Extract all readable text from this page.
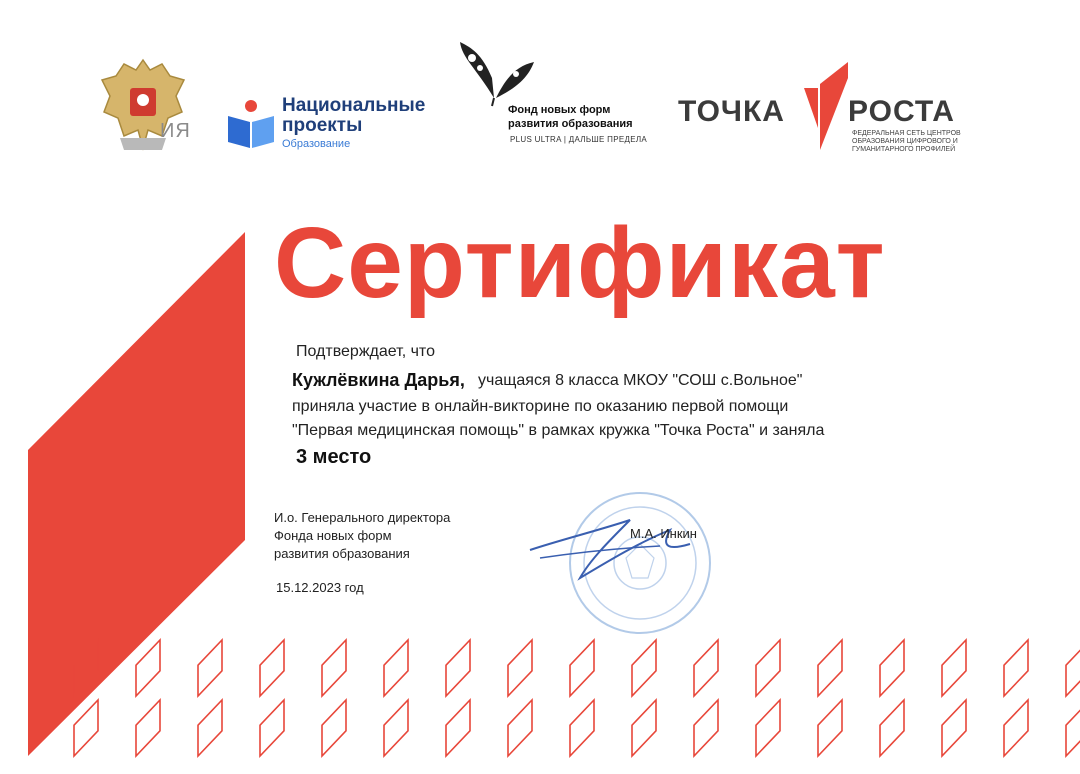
ИЯ
Национальные
проекты
Образование
Фонд новых форм
развития образования
PLUS ULTRA | ДАЛЬШЕ ПРЕДЕЛА
ТОЧКА РОСТА
ФЕДЕРАЛЬНАЯ СЕТЬ ЦЕНТРОВ ОБРАЗОВАНИЯ ЦИФРОВОГО И ГУМАНИТАРНОГО ПРОФИЛЕЙ
Сертификат
Подтверждает, что
Кужлёвкина Дарья, учащаяся 8 класса МКОУ "СОШ с.Вольное"
приняла участие в онлайн-викторине по оказанию первой помощи
"Первая медицинская помощь" в рамках кружка "Точка Роста" и заняла
3 место
И.о. Генерального директора
Фонда новых форм
развития образования
15.12.2023 год
М.А. Инкин
